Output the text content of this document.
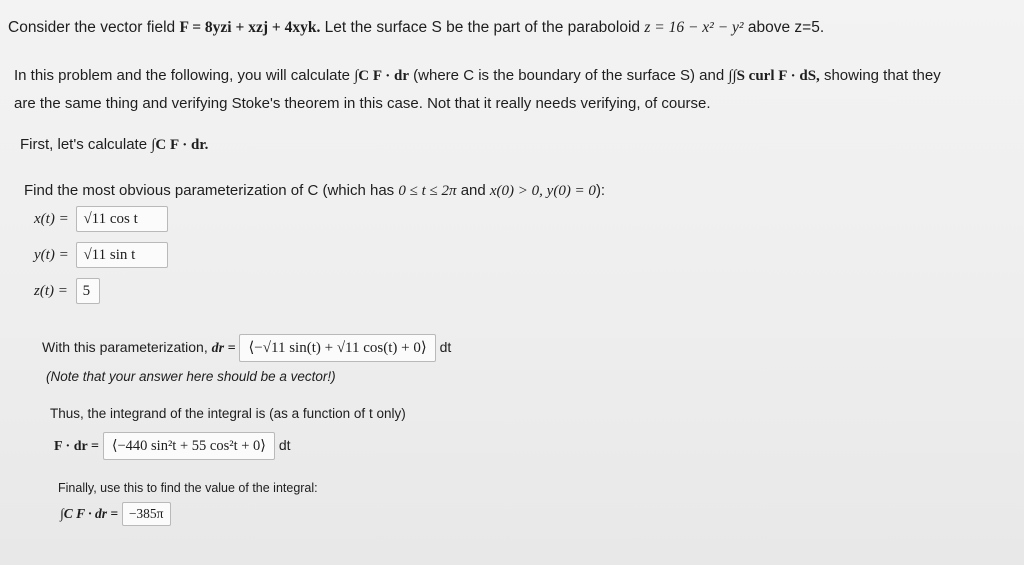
Consider the vector field F = 8yzi + xzj + 4xyk. Let the surface S be the part of the paraboloid z = 16 − x² − y² above z=5.
In this problem and the following, you will calculate ∫C F · dr (where C is the boundary of the surface S) and ∫∫S curl F · dS, showing that they
are the same thing and verifying Stoke's theorem in this case. Not that it really needs verifying, of course.
First, let's calculate ∫C F · dr.
Find the most obvious parameterization of C (which has 0 ≤ t ≤ 2π and x(0) > 0, y(0) = 0):
x(t) = √11 cos t
y(t) = √11 sin t
z(t) = 5
With this parameterization, dr = ⟨−√11 sin(t) + √11 cos(t) + 0⟩ dt
(Note that your answer here should be a vector!)
Thus, the integrand of the integral is (as a function of t only)
F · dr = ⟨−440 sin²t + 55 cos²t + 0⟩ dt
Finally, use this to find the value of the integral:
∫C F · dr = −385π
